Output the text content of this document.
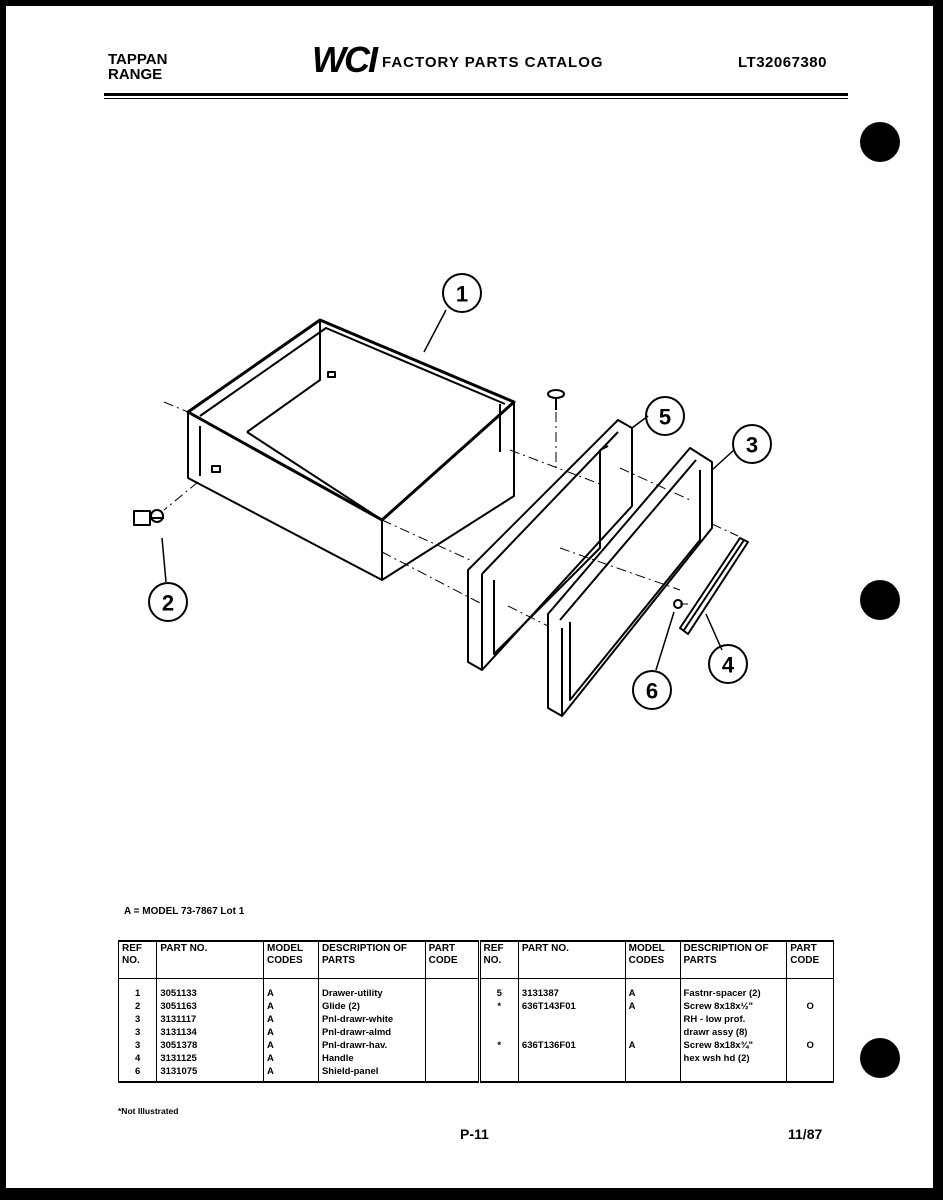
TAPPAN
RANGE	WCI FACTORY PARTS CATALOG	LT32067380
1
2
3
4
5
6
A = MODEL 73-7867 Lot 1
REF NO.	PART NO.	MODEL CODES	DESCRIPTION OF PARTS	PART CODE	REF NO.	PART NO.	MODEL CODES	DESCRIPTION OF PARTS	PART CODE

1	3051133	A	Drawer-utility		5	3131387	A	Fastnr-spacer (2)	
2	3051163	A	Glide (2)		*	636T143F01	A	Screw 8x18x½"	O
3	3131117	A	Pnl-drawr-white					RH - low prof.	
3	3131134	A	Pnl-drawr-almd					drawr assy (8)	
3	3051378	A	Pnl-drawr-hav.		*	636T136F01	A	Screw 8x18x¾"	O
4	3131125	A	Handle					hex wsh hd (2)	
6	3131075	A	Shield-panel						
*Not Illustrated
P-11	11/87
